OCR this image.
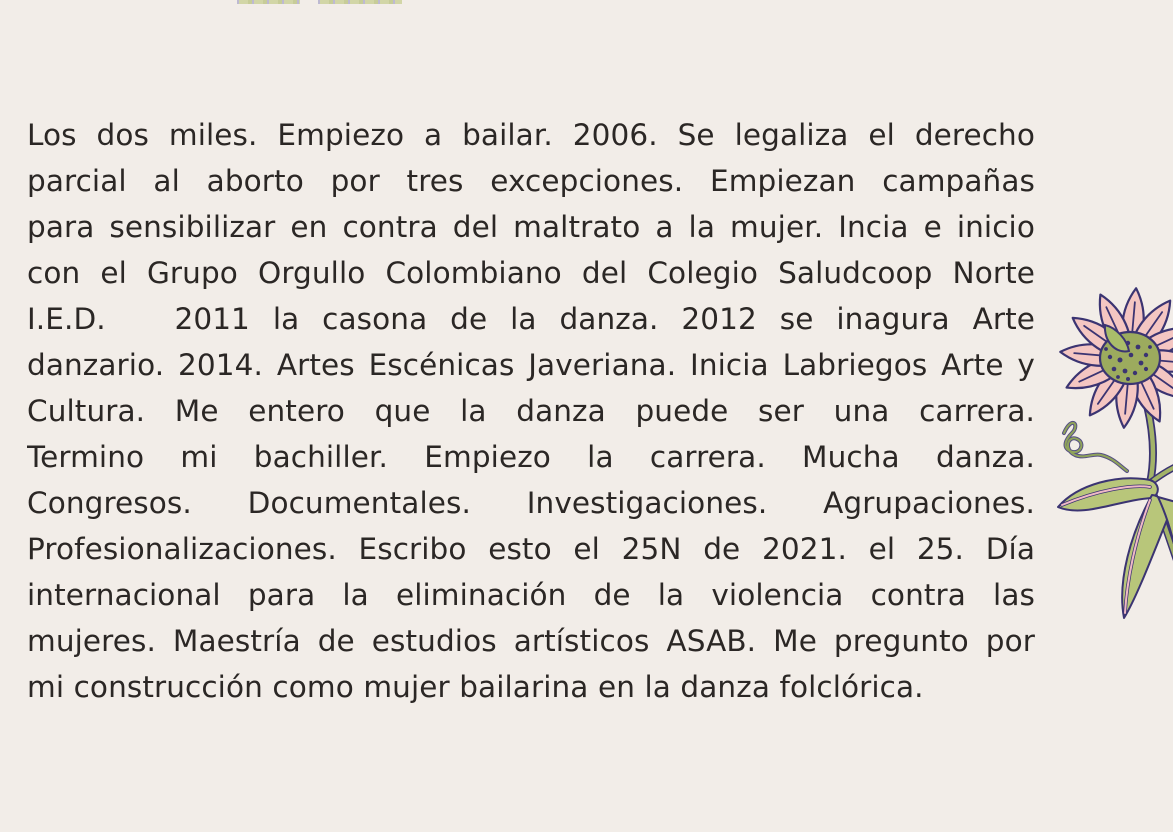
Los dos miles. Empiezo a bailar. 2006. Se legaliza el derecho
parcial al aborto por tres excepciones. Empiezan campañas
para sensibilizar en contra del maltrato a la mujer. Incia e inicio
con el Grupo Orgullo Colombiano del Colegio Saludcoop Norte
I.E.D.   2011 la casona de la danza. 2012 se inagura Arte
danzario. 2014. Artes Escénicas Javeriana. Inicia Labriegos Arte y
Cultura. Me entero que la danza puede ser una carrera.
Termino mi bachiller. Empiezo la carrera. Mucha danza.
Congresos. Documentales. Investigaciones. Agrupaciones.
Profesionalizaciones. Escribo esto el 25N de 2021. el 25. Día
internacional para la eliminación de la violencia contra las
mujeres. Maestría de estudios artísticos ASAB. Me pregunto por
mi construcción como mujer bailarina en la danza folclórica.
